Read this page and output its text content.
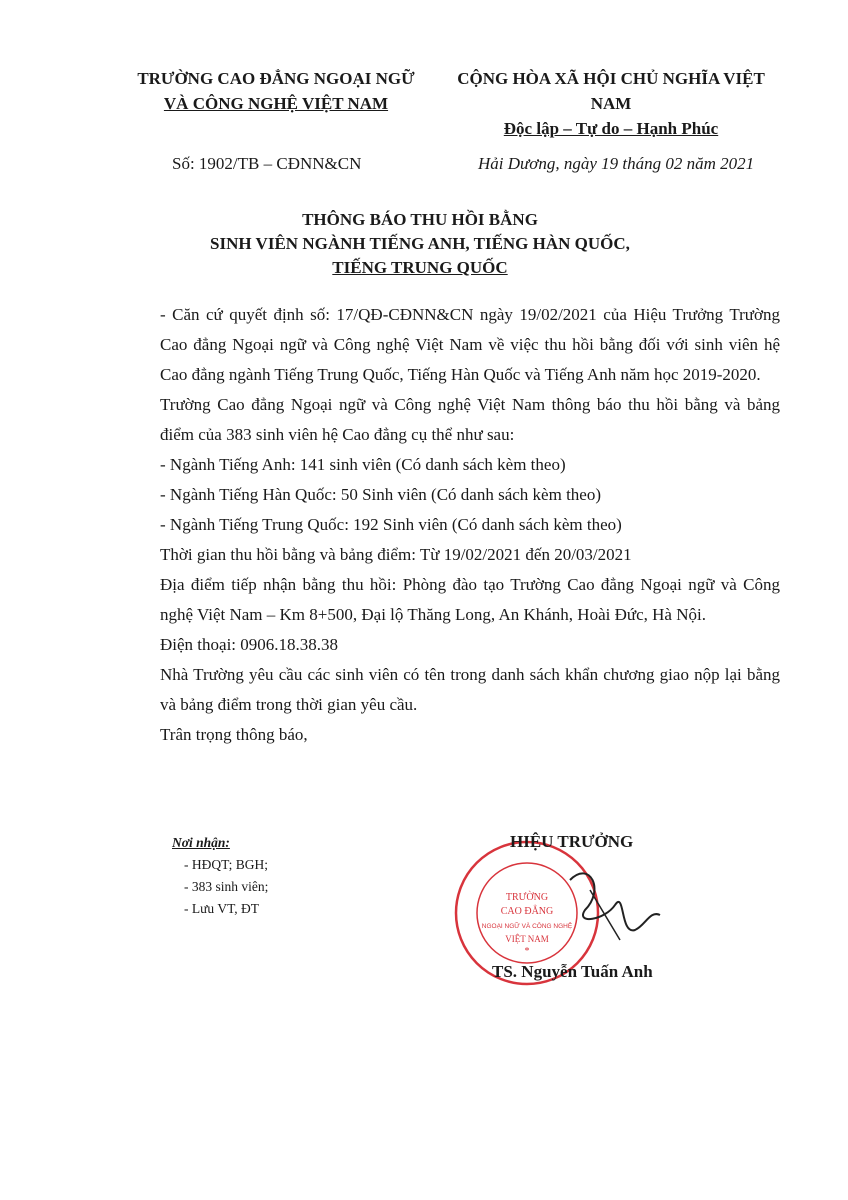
TRƯỜNG CAO ĐẲNG NGOẠI NGỮ
VÀ CÔNG NGHỆ VIỆT NAM
CỘNG HÒA XÃ HỘI CHỦ NGHĨA VIỆT NAM
Độc lập – Tự do – Hạnh Phúc
Số: 1902/TB – CĐNN&CN	Hải Dương, ngày 19 tháng 02 năm 2021
THÔNG BÁO THU HỒI BẰNG
SINH VIÊN NGÀNH TIẾNG ANH, TIẾNG HÀN QUỐC,
TIẾNG TRUNG QUỐC

- Căn cứ quyết định số: 17/QĐ-CĐNN&CN ngày 19/02/2021 của Hiệu Trưởng Trường Cao đẳng Ngoại ngữ và Công nghệ Việt Nam về việc thu hồi bằng đối với sinh viên hệ Cao đẳng ngành Tiếng Trung Quốc, Tiếng Hàn Quốc và Tiếng Anh năm học 2019-2020.

Trường Cao đẳng Ngoại ngữ và Công nghệ Việt Nam thông báo thu hồi bằng và bảng điểm của 383 sinh viên hệ Cao đẳng cụ thể như sau:

- Ngành Tiếng Anh: 141 sinh viên (Có danh sách kèm theo)

- Ngành Tiếng Hàn Quốc: 50 Sinh viên (Có danh sách kèm theo)

- Ngành Tiếng Trung Quốc: 192 Sinh viên (Có danh sách kèm theo)

Thời gian thu hồi bằng và bảng điểm: Từ 19/02/2021 đến 20/03/2021

Địa điểm tiếp nhận bằng thu hồi: Phòng đào tạo Trường Cao đẳng Ngoại ngữ và Công nghệ Việt Nam – Km 8+500, Đại lộ Thăng Long, An Khánh, Hoài Đức, Hà Nội.

Điện thoại: 0906.18.38.38

Nhà Trường yêu cầu các sinh viên có tên trong danh sách khẩn chương giao nộp lại bằng và bảng điểm trong thời gian yêu cầu.

Trân trọng thông báo,

Nơi nhận:
- HĐQT; BGH;
- 383 sinh viên;
- Lưu VT, ĐT
TRƯỜNG
CAO ĐẲNG
NGOẠI NGỮ VÀ CÔNG NGHỆ
VIỆT NAM
*
HIỆU TRƯỞNG
TS. Nguyễn Tuấn Anh
